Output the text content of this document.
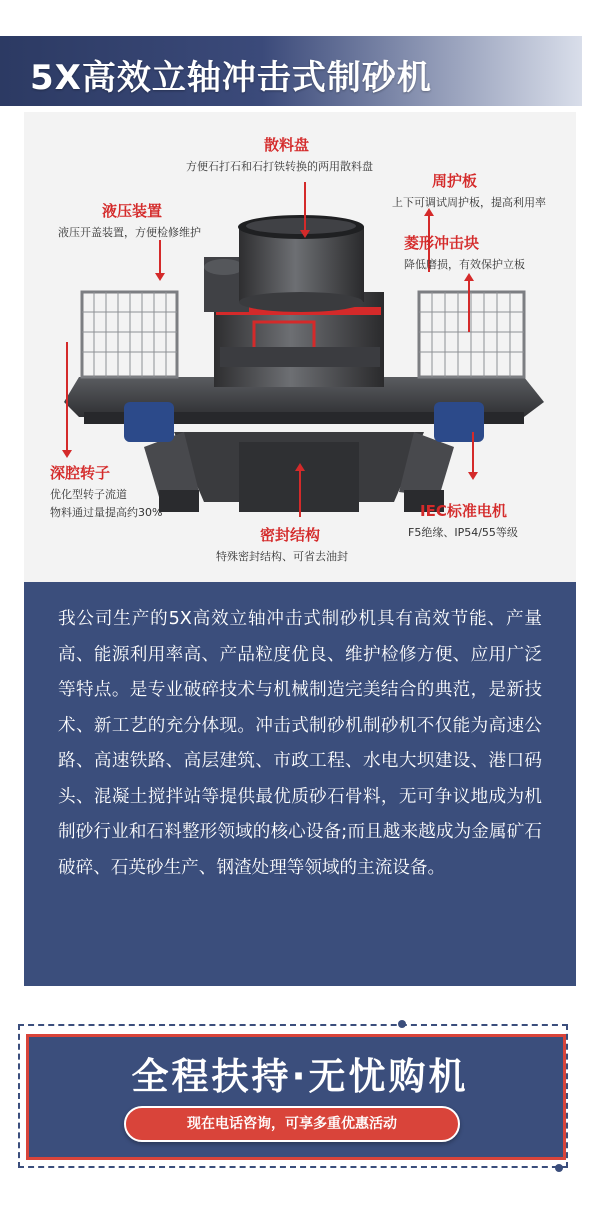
5X高效立轴冲击式制砂机
散料盘
方便石打石和石打铁转换的两用散料盘
液压装置
液压开盖装置，方便检修维护
周护板
上下可调试周护板，提高利用率
菱形冲击块
降低磨损，有效保护立板
深腔转子
优化型转子流道
物料通过量提高约30%
密封结构
特殊密封结构、可省去油封
IEC标准电机
F5绝缘、IP54/55等级

我公司生产的5X高效立轴冲击式制砂机具有高效节能、产量高、能源利用率高、产品粒度优良、维护检修方便、应用广泛等特点。是专业破碎技术与机械制造完美结合的典范，是新技术、新工艺的充分体现。冲击式制砂机制砂机不仅能为高速公路、高速铁路、高层建筑、市政工程、水电大坝建设、港口码头、混凝土搅拌站等提供最优质砂石骨料，无可争议地成为机制砂行业和石料整形领域的核心设备;而且越来越成为金属矿石破碎、石英砂生产、钢渣处理等领域的主流设备。

全程扶持·无忧购机
现在电话咨询，可享多重优惠活动
